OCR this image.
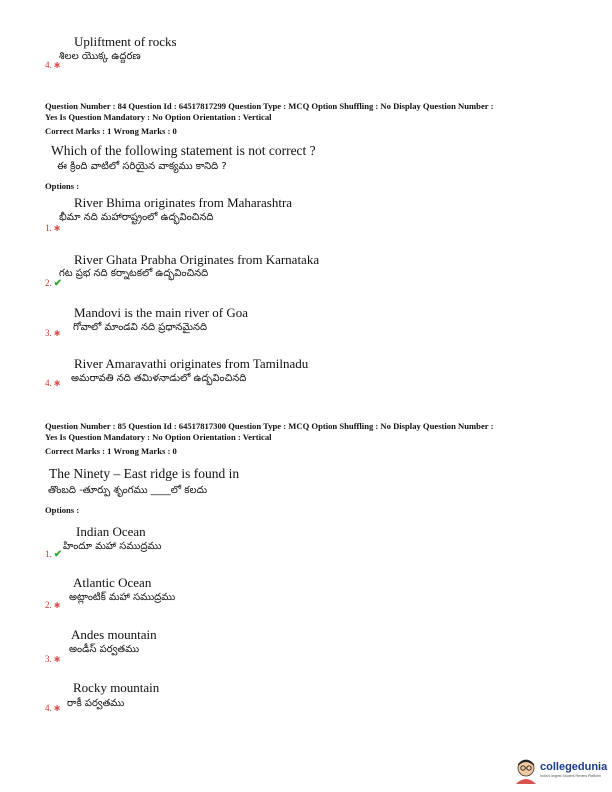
Upliftment of rocks
శిలల యొక్క ఉద్దరణ
4. ✱
Question Number : 84 Question Id : 64517817299 Question Type : MCQ Option Shuffling : No Display Question Number :
Yes Is Question Mandatory : No Option Orientation : Vertical
Correct Marks : 1 Wrong Marks : 0
Which of the following statement is not correct ?
ఈ క్రింది వాటిలో సరియైన వాక్యము కానిది ?
Options :
River Bhima originates from Maharashtra
భీమా నది మహారాష్ట్రంలో ఉద్భవించినది
1. ✱
River Ghata Prabha Originates from Karnataka
గట ప్రభ నది కర్నాటకలో ఉద్భవించినది
2. ✔
Mandovi is the main river of Goa
గోవాలో మాండవి నది ప్రధానమైనది
3. ✱
River Amaravathi originates from Tamilnadu
అమరావతి నది తమిళనాడులో ఉద్భవించినది
4. ✱
Question Number : 85 Question Id : 64517817300 Question Type : MCQ Option Shuffling : No Display Question Number :
Yes Is Question Mandatory : No Option Orientation : Vertical
Correct Marks : 1 Wrong Marks : 0
The Ninety – East ridge is found in
తొంబది -తూర్పు శృంగము ____లో కలదు
Options :
Indian Ocean
హిందూ మహా సముద్రము
1. ✔
Atlantic Ocean
అట్లాంటిక్ మహా సముద్రము
2. ✱
Andes mountain
అండీస్ పర్వతము
3. ✱
Rocky mountain
రాకీ పర్వతము
4. ✱
collegedunia
India's largest Student Review Platform
